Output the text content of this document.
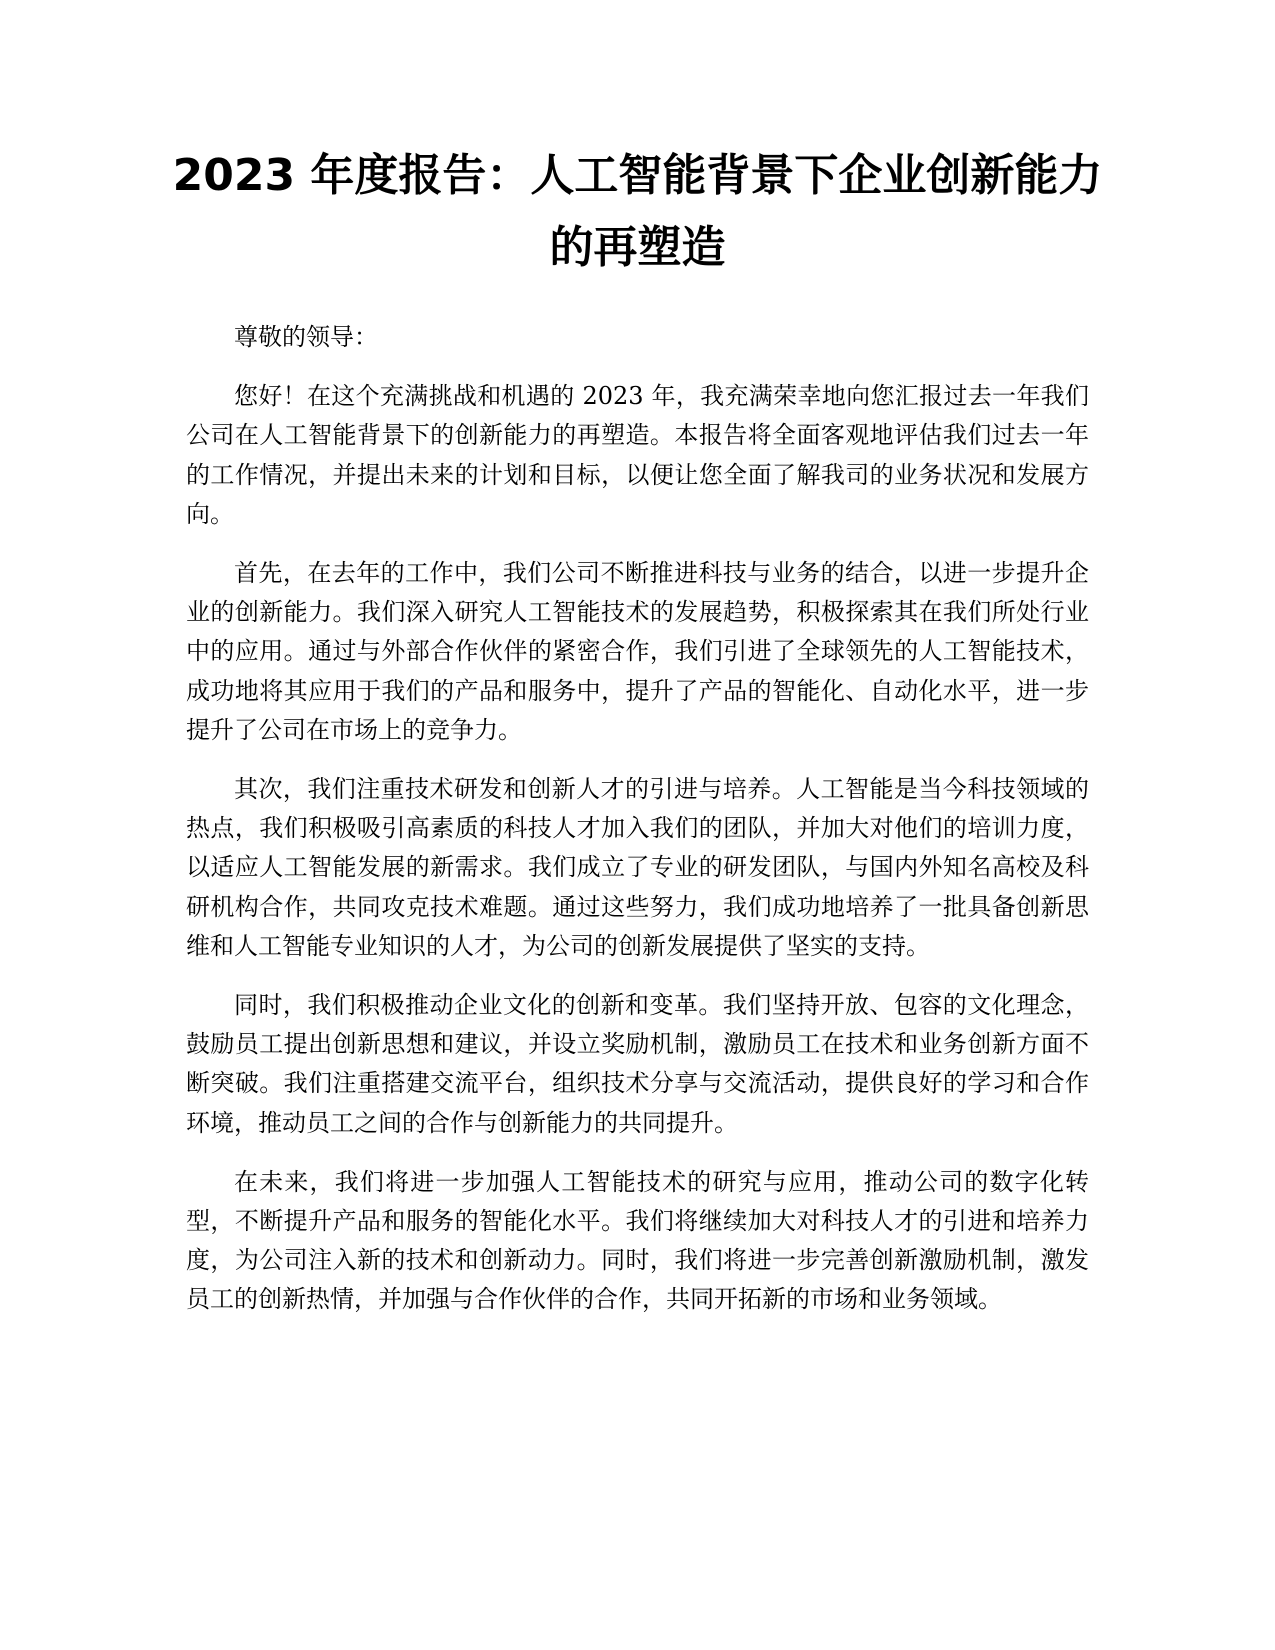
2023 年度报告：人工智能背景下企业创新能力的再塑造

尊敬的领导：

您好！在这个充满挑战和机遇的 2023 年，我充满荣幸地向您汇报过去一年我们公司在人工智能背景下的创新能力的再塑造。本报告将全面客观地评估我们过去一年的工作情况，并提出未来的计划和目标，以便让您全面了解我司的业务状况和发展方向。

首先，在去年的工作中，我们公司不断推进科技与业务的结合，以进一步提升企业的创新能力。我们深入研究人工智能技术的发展趋势，积极探索其在我们所处行业中的应用。通过与外部合作伙伴的紧密合作，我们引进了全球领先的人工智能技术，成功地将其应用于我们的产品和服务中，提升了产品的智能化、自动化水平，进一步提升了公司在市场上的竞争力。

其次，我们注重技术研发和创新人才的引进与培养。人工智能是当今科技领域的热点，我们积极吸引高素质的科技人才加入我们的团队，并加大对他们的培训力度，以适应人工智能发展的新需求。我们成立了专业的研发团队，与国内外知名高校及科研机构合作，共同攻克技术难题。通过这些努力，我们成功地培养了一批具备创新思维和人工智能专业知识的人才，为公司的创新发展提供了坚实的支持。

同时，我们积极推动企业文化的创新和变革。我们坚持开放、包容的文化理念，鼓励员工提出创新思想和建议，并设立奖励机制，激励员工在技术和业务创新方面不断突破。我们注重搭建交流平台，组织技术分享与交流活动，提供良好的学习和合作环境，推动员工之间的合作与创新能力的共同提升。

在未来，我们将进一步加强人工智能技术的研究与应用，推动公司的数字化转型，不断提升产品和服务的智能化水平。我们将继续加大对科技人才的引进和培养力度，为公司注入新的技术和创新动力。同时，我们将进一步完善创新激励机制，激发员工的创新热情，并加强与合作伙伴的合作，共同开拓新的市场和业务领域。
